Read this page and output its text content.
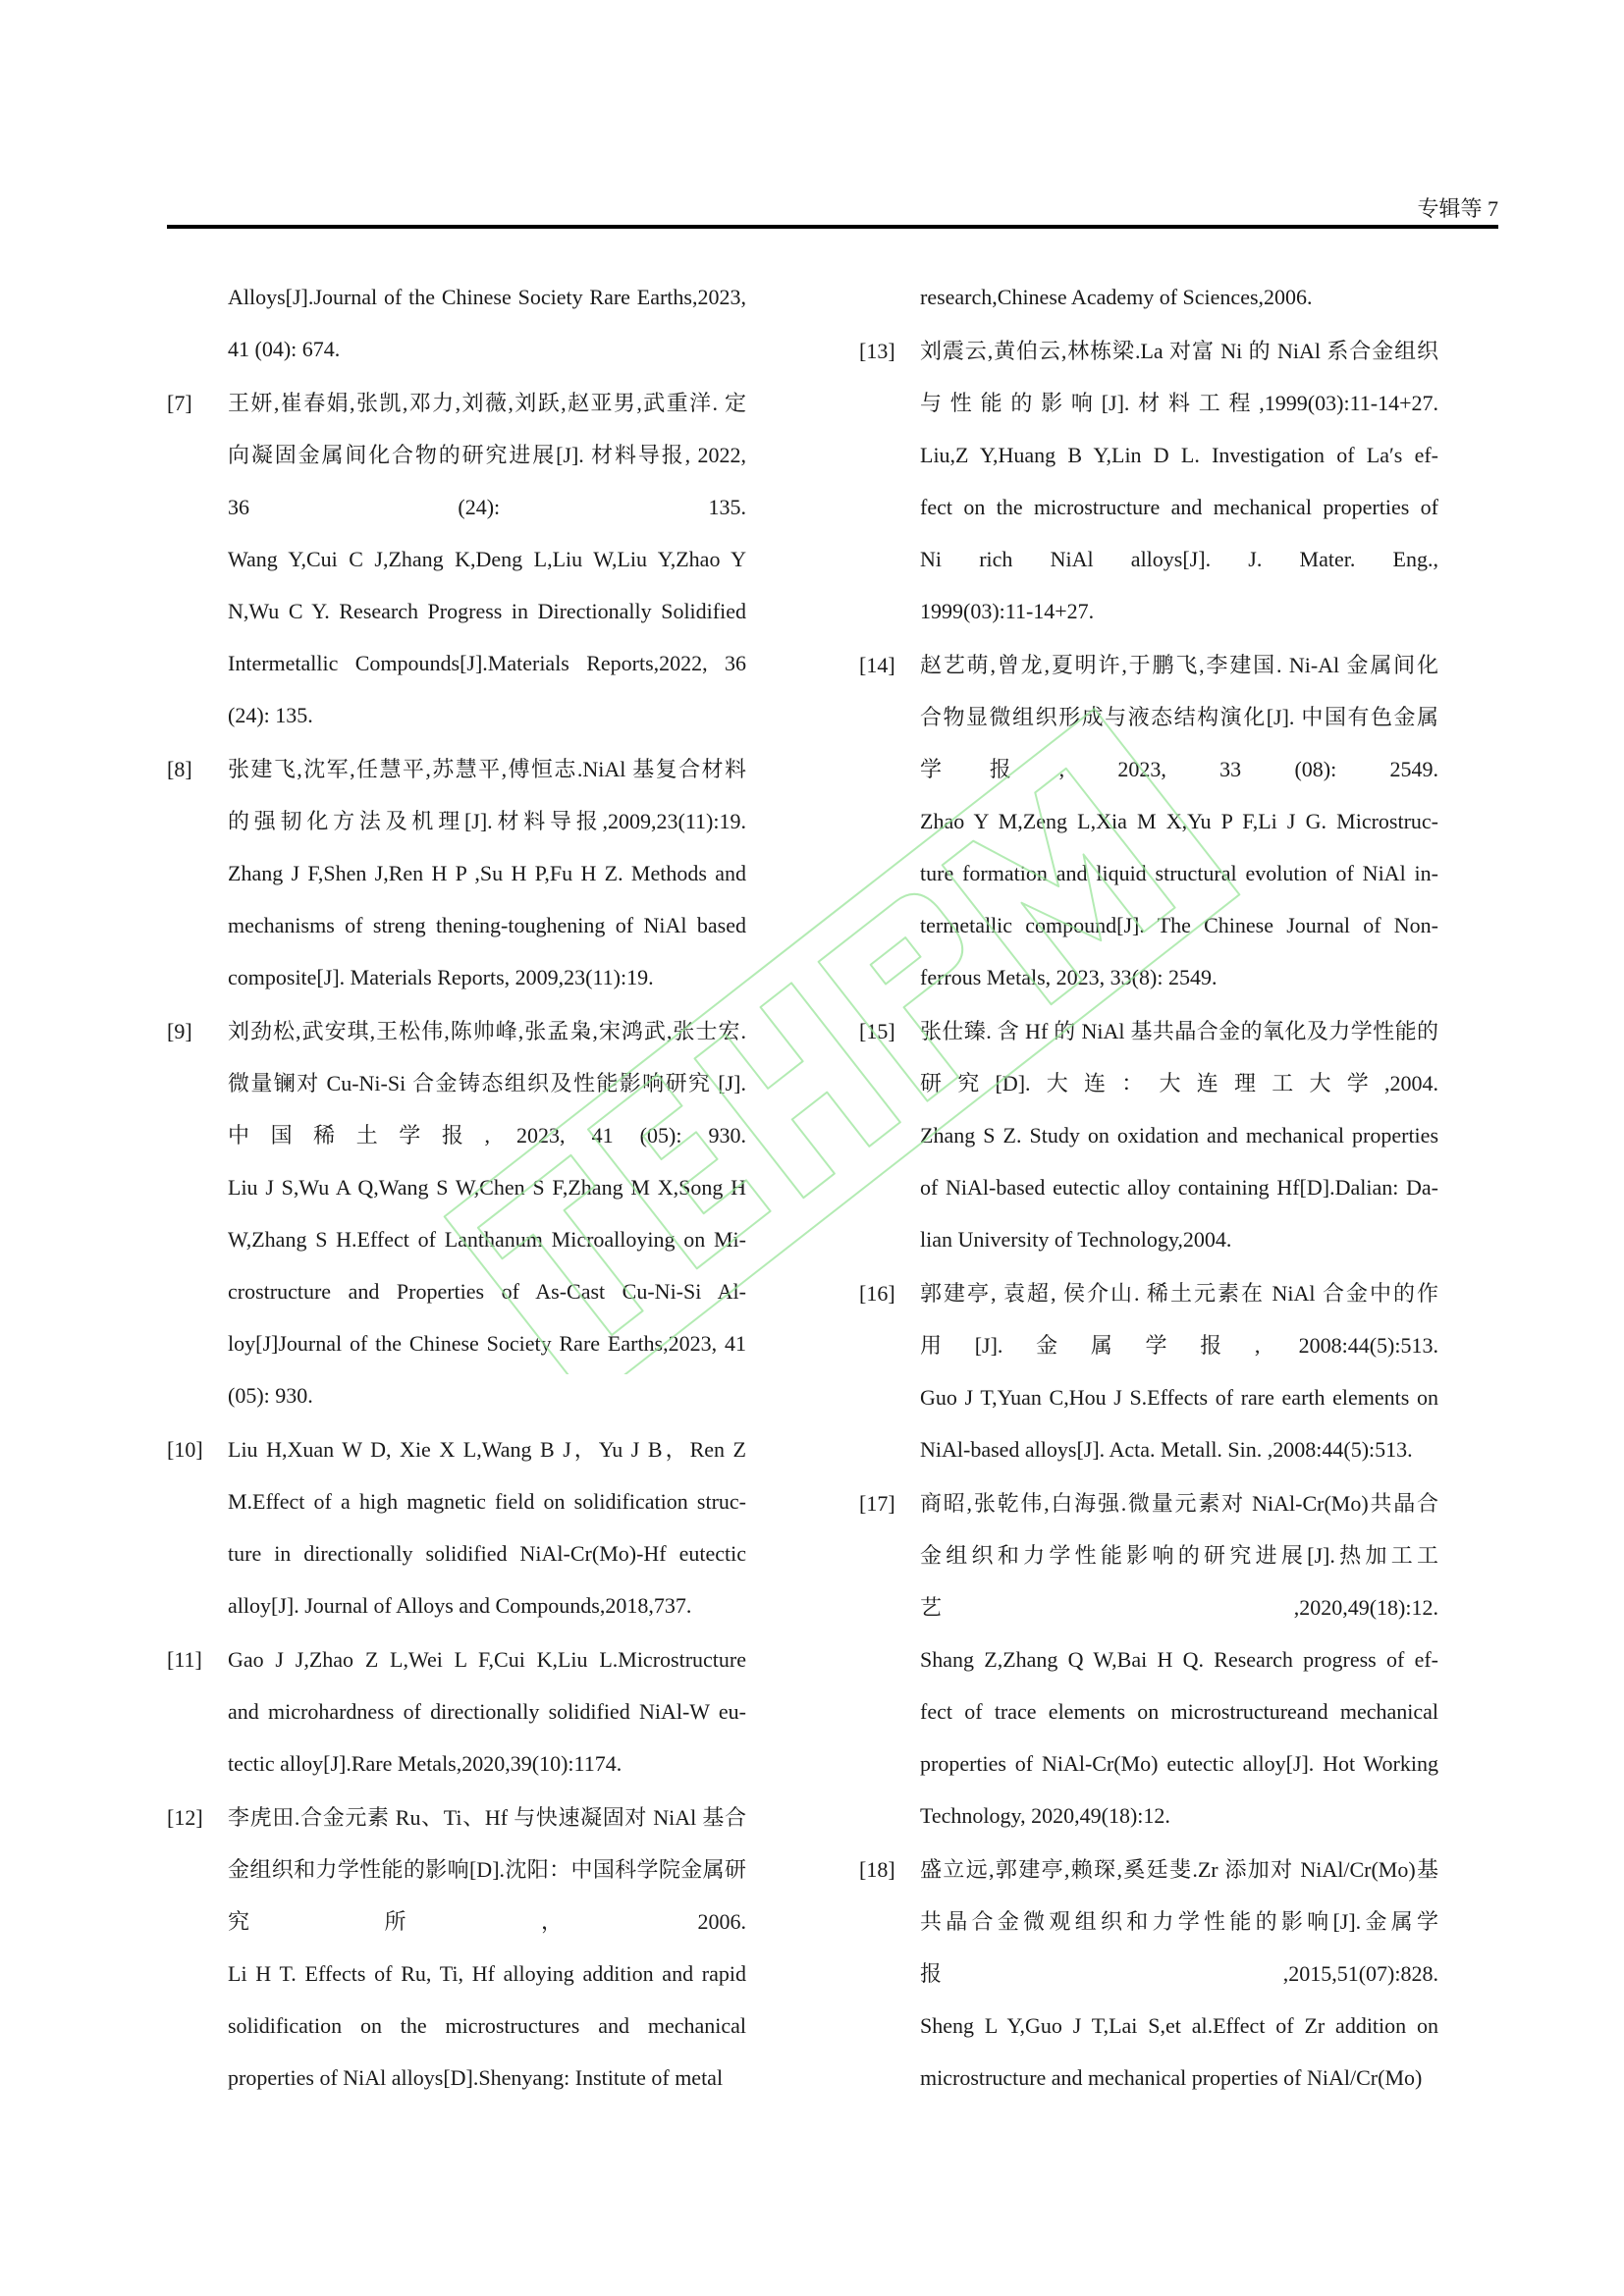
专辑等 7
Alloys[J].Journal of the Chinese Society Rare Earths,2023,
41 (04): 674.
[7]	王妍,崔春娟,张凯,邓力,刘薇,刘跃,赵亚男,武重洋. 定
向凝固金属间化合物的研究进展[J]. 材料导报, 2022,
36 (24): 135.
Wang Y,Cui C J,Zhang K,Deng L,Liu W,Liu Y,Zhao Y
N,Wu C Y. Research Progress in Directionally Solidified
Intermetallic Compounds[J].Materials Reports,2022, 36
(24): 135.
[8]	张建飞,沈军,任慧平,苏慧平,傅恒志.NiAl 基复合材料
的强韧化方法及机理[J].材料导报,2009,23(11):19.
Zhang J F,Shen J,Ren H P ,Su H P,Fu H Z. Methods and
mechanisms of streng thening-toughening of NiAl based
composite[J]. Materials Reports, 2009,23(11):19.
[9]	刘劲松,武安琪,王松伟,陈帅峰,张孟枭,宋鸿武,张士宏.
微量镧对 Cu-Ni-Si 合金铸态组织及性能影响研究 [J].
中国稀土学报, 2023, 41 (05): 930.
Liu J S,Wu A Q,Wang S W,Chen S F,Zhang M X,Song H
W,Zhang S H.Effect of Lanthanum Microalloying on Mi-
crostructure and Properties of As-Cast Cu-Ni-Si Al-
loy[J]Journal of the Chinese Society Rare Earths,2023, 41
(05): 930.
[10]	Liu H,Xuan W D, Xie X L,Wang B J，Yu J B，Ren Z
M.Effect of a high magnetic field on solidification struc-
ture in directionally solidified NiAl-Cr(Mo)-Hf eutectic
alloy[J]. Journal of Alloys and Compounds,2018,737.
[11]	Gao J J,Zhao Z L,Wei L F,Cui K,Liu L.Microstructure
and microhardness of directionally solidified NiAl-W eu-
tectic alloy[J].Rare Metals,2020,39(10):1174.
[12]	李虎田.合金元素 Ru、Ti、Hf 与快速凝固对 NiAl 基合
金组织和力学性能的影响[D].沈阳：中国科学院金属研
究所，2006.
Li H T. Effects of Ru, Ti, Hf alloying addition and rapid
solidification on the microstructures and mechanical
properties of NiAl alloys[D].Shenyang: Institute of metal
research,Chinese Academy of Sciences,2006.
[13]	刘震云,黄伯云,林栋梁.La 对富 Ni 的 NiAl 系合金组织
与性能的影响[J].材料工程,1999(03):11-14+27.
Liu,Z Y,Huang B Y,Lin D L. Investigation of La′s ef-
fect on the microstructure and mechanical properties of
Ni rich NiAl alloys[J]. J. Mater. Eng.,
1999(03):11-14+27.
[14]	赵艺萌,曾龙,夏明许,于鹏飞,李建国. Ni-Al 金属间化
合物显微组织形成与液态结构演化[J]. 中国有色金属
学报, 2023, 33 (08): 2549.
Zhao Y M,Zeng L,Xia M X,Yu P F,Li J G. Microstruc-
ture formation and liquid structural evolution of NiAl in-
termetallic compound[J]. The Chinese Journal of Non-
ferrous Metals, 2023, 33(8): 2549.
[15]	张仕臻. 含 Hf 的 NiAl 基共晶合金的氧化及力学性能的
研究[D].大连：大连理工大学,2004.
Zhang S Z. Study on oxidation and mechanical properties
of NiAl-based eutectic alloy containing Hf[D].Dalian: Da-
lian University of Technology,2004.
[16]	郭建亭, 袁超, 侯介山. 稀土元素在 NiAl 合金中的作
用[J].金属学报, 2008:44(5):513.
Guo J T,Yuan C,Hou J S.Effects of rare earth elements on
NiAl-based alloys[J]. Acta. Metall. Sin. ,2008:44(5):513.
[17]	商昭,张乾伟,白海强.微量元素对 NiAl-Cr(Mo)共晶合
金组织和力学性能影响的研究进展[J].热加工工
艺,2020,49(18):12.
Shang Z,Zhang Q W,Bai H Q. Research progress of ef-
fect of trace elements on microstructureand mechanical
properties of NiAl-Cr(Mo) eutectic alloy[J]. Hot Working
Technology, 2020,49(18):12.
[18]	盛立远,郭建亭,赖琛,奚廷斐.Zr 添加对 NiAl/Cr(Mo)基
共晶合金微观组织和力学性能的影响[J].金属学
报,2015,51(07):828.
Sheng L Y,Guo J T,Lai S,et al.Effect of Zr addition on
microstructure and mechanical properties of NiAl/Cr(Mo)
